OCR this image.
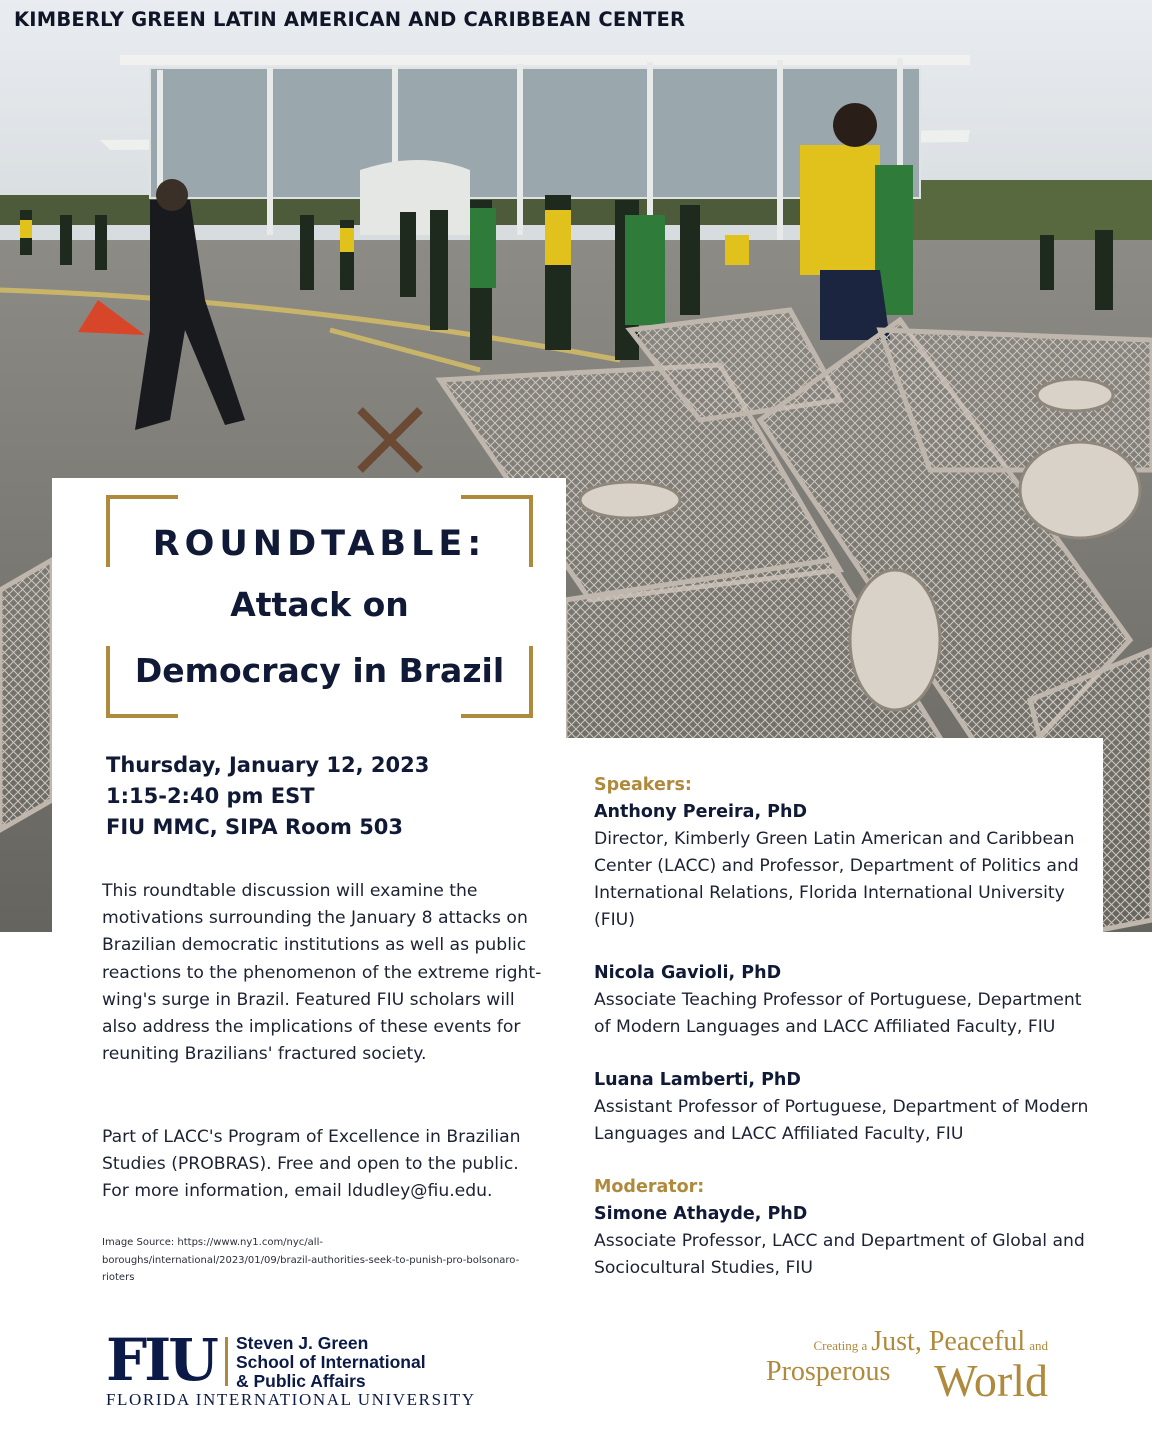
KIMBERLY GREEN LATIN AMERICAN AND CARIBBEAN CENTER
ROUNDTABLE:
Attack on
Democracy in Brazil
Thursday, January 12, 2023
1:15-2:40 pm EST
FIU MMC, SIPA Room 503

This roundtable discussion will examine the motivations surrounding the January 8 attacks on Brazilian democratic institutions as well as public reactions to the phenomenon of the extreme right-wing's surge in Brazil. Featured FIU scholars will also address the implications of these events for reuniting Brazilians' fractured society.

Part of LACC's Program of Excellence in Brazilian Studies (PROBRAS). Free and open to the public. For more information, email ldudley@fiu.edu.

Image Source: https://www.ny1.com/nyc/all-boroughs/international/2023/01/09/brazil-authorities-seek-to-punish-pro-bolsonaro-rioters

Speakers:
Anthony Pereira, PhD
Director, Kimberly Green Latin American and Caribbean Center (LACC) and Professor, Department of Politics and International Relations, Florida International University (FIU)
Nicola Gavioli, PhD
Associate Teaching Professor of Portuguese, Department of Modern Languages and LACC Affiliated Faculty, FIU
Luana Lamberti, PhD
Assistant Professor of Portuguese, Department of Modern Languages and LACC Affiliated Faculty, FIU
Moderator:
Simone Athayde, PhD
Associate Professor, LACC and Department of Global and Sociocultural Studies, FIU
FIU Steven J. Green
School of International
& Public Affairs
FLORIDA INTERNATIONAL UNIVERSITY
Creating a Just, Peaceful and
Prosperous World
